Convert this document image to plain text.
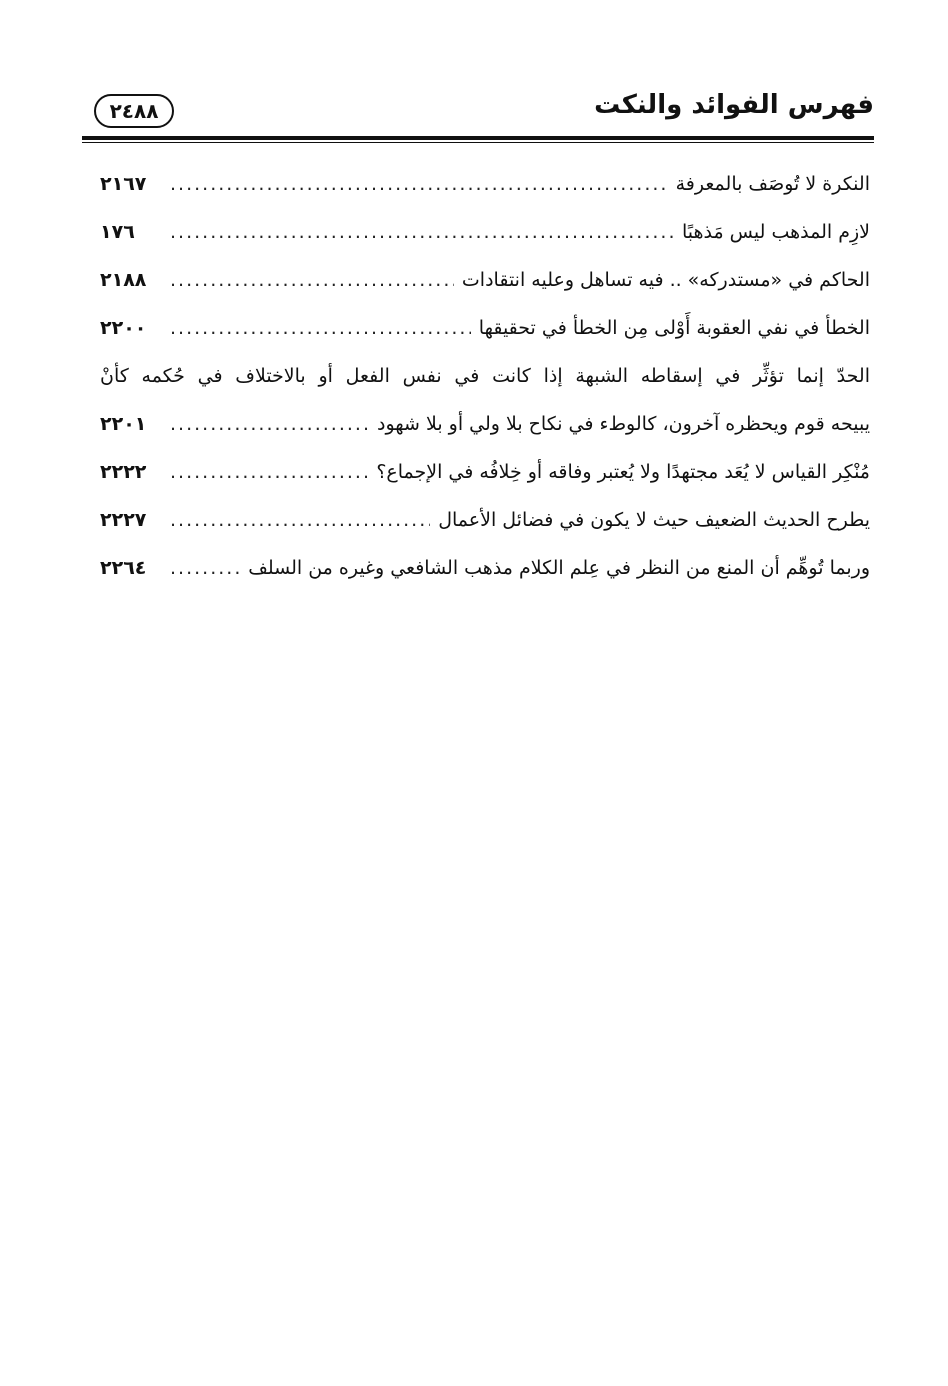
فهرس الفوائد والنكت
٢٤٨٨
النكرة لا تُوصَف بالمعرفة
.....
٢١٦٧
لازِم المذهب ليس مَذهبًا
.....
١٧٦
الحاكم في «مستدركه» .. فيه تساهل وعليه انتقادات
.....
٢١٨٨
الخطأ في نفي العقوبة أَوْلى مِن الخطأ في تحقيقها
.....
٢٢٠٠
الحدّ إنما تؤثِّر في إسقاطه الشبهة إذا كانت في نفس الفعل أو بالاختلاف في حُكمه كأنْ
يبيحه قوم ويحظره آخرون، كالوطء في نكاح بلا ولي أو بلا شهود
.....
٢٢٠١
مُنْكِر القياس لا يُعَد مجتهدًا ولا يُعتبر وفاقه أو خِلافُه في الإجماع؟
.....
٢٢٢٢
يطرح الحديث الضعيف حيث لا يكون في فضائل الأعمال
.....
٢٢٢٧
وربما تُوهِّم أن المنع من النظر في عِلم الكلام مذهب الشافعي وغيره من السلف
.....
٢٢٦٤
